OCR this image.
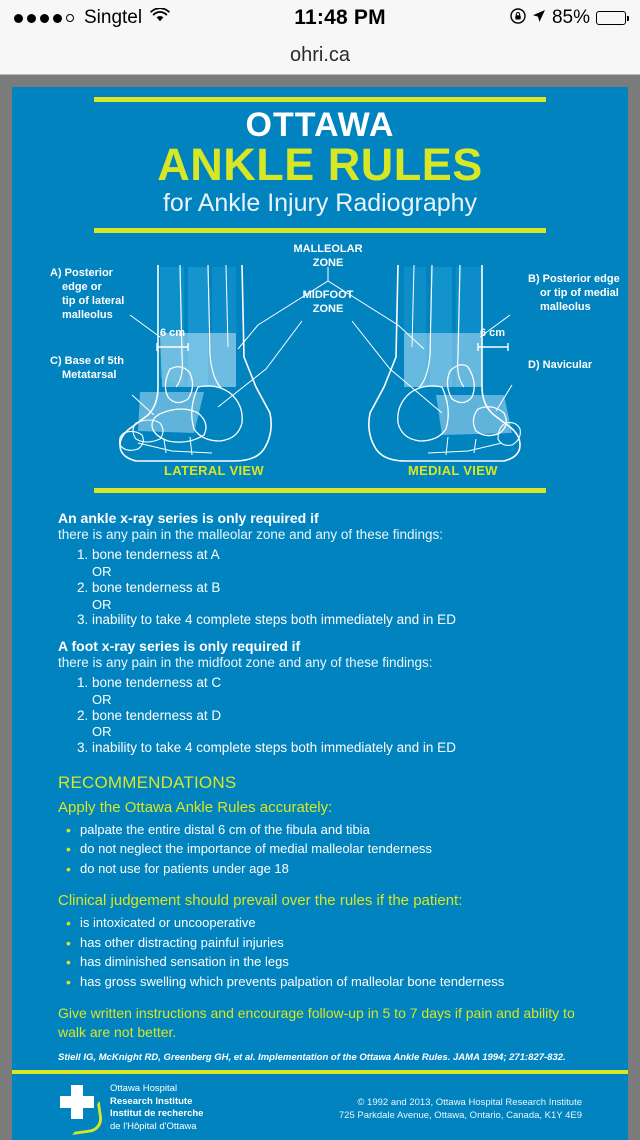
Singtel	11:48 PM	85%
ohri.ca
OTTAWA
ANKLE RULES
for Ankle Injury Radiography
A) Posterior
edge or
tip of lateral
malleolus
C) Base of 5th
Metatarsal
B) Posterior edge
or tip of medial
malleolus
D) Navicular
MALLEOLAR
ZONE
MIDFOOT
ZONE
6 cm	6 cm
LATERAL VIEW	MEDIAL VIEW
An ankle x-ray series is only required if
there is any pain in the malleolar zone and any of these findings:
1. bone tenderness at A
OR
2. bone tenderness at B
OR
3. inability to take 4 complete steps both immediately and in ED
A foot x-ray series is only required if
there is any pain in the midfoot zone and any of these findings:
1. bone tenderness at C
OR
2. bone tenderness at D
OR
3. inability to take 4 complete steps both immediately and in ED
RECOMMENDATIONS
Apply the Ottawa Ankle Rules accurately:
• palpate the entire distal 6 cm of the fibula and tibia
• do not neglect the importance of medial malleolar tenderness
• do not use for patients under age 18
Clinical judgement should prevail over the rules if the patient:
• is intoxicated or uncooperative
• has other distracting painful injuries
• has diminished sensation in the legs
• has gross swelling which prevents palpation of malleolar bone tenderness
Give written instructions and encourage follow-up in 5 to 7 days if pain and ability to walk are not better.
Stiell IG, McKnight RD, Greenberg GH, et al. Implementation of the Ottawa Ankle Rules. JAMA 1994; 271:827-832.
Ottawa Hospital
Research Institute
Institut de recherche
de l'Hôpital d'Ottawa
© 1992 and 2013, Ottawa Hospital Research Institute
725 Parkdale Avenue, Ottawa, Ontario, Canada, K1Y 4E9
